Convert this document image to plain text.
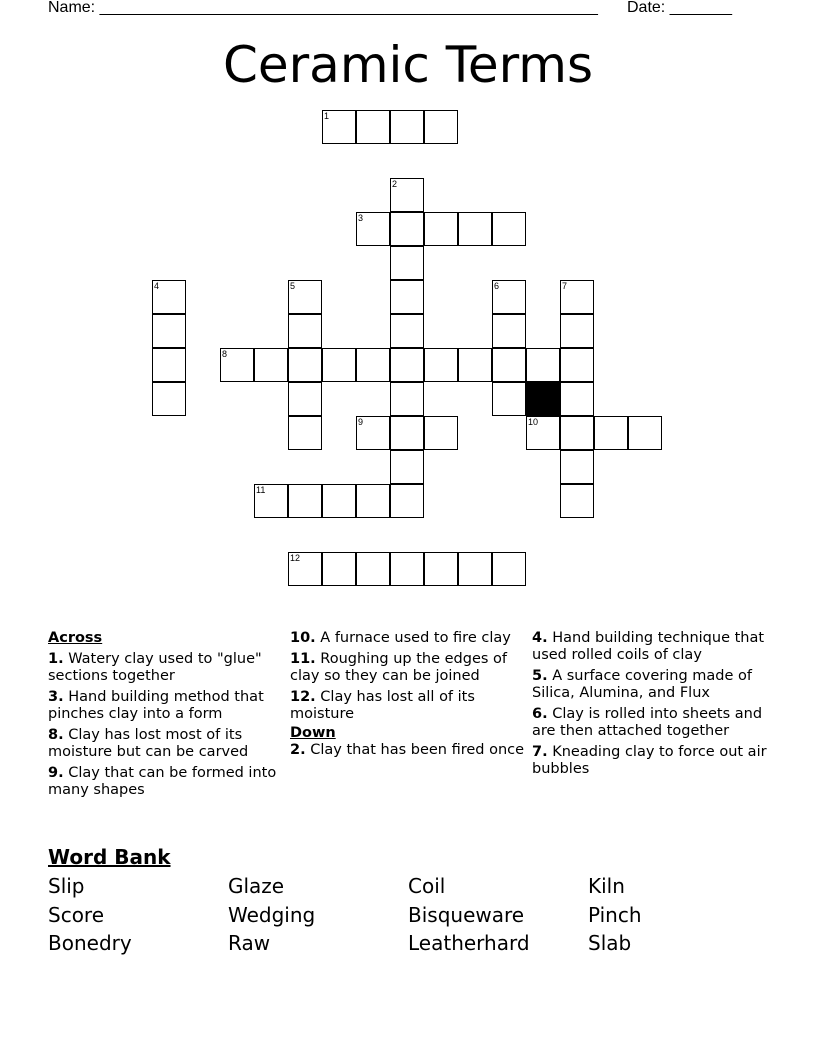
Name: ________________________________________________________ Date: _______
Ceramic Terms
1
2
3
4	5	6	7
8
9	10
11
12
Across
1. Watery clay used to "glue" sections together
3. Hand building method that pinches clay into a form
8. Clay has lost most of its moisture but can be carved
9. Clay that can be formed into many shapes
10. A furnace used to fire clay
11. Roughing up the edges of clay so they can be joined
12. Clay has lost all of its moisture
Down
2. Clay that has been fired once
4. Hand building technique that used rolled coils of clay
5. A surface covering made of Silica, Alumina, and Flux
6. Clay is rolled into sheets and are then attached together
7. Kneading clay to force out air bubbles
Word Bank
Slip	Glaze	Coil	Kiln
Score	Wedging	Bisqueware	Pinch
Bonedry	Raw	Leatherhard	Slab
